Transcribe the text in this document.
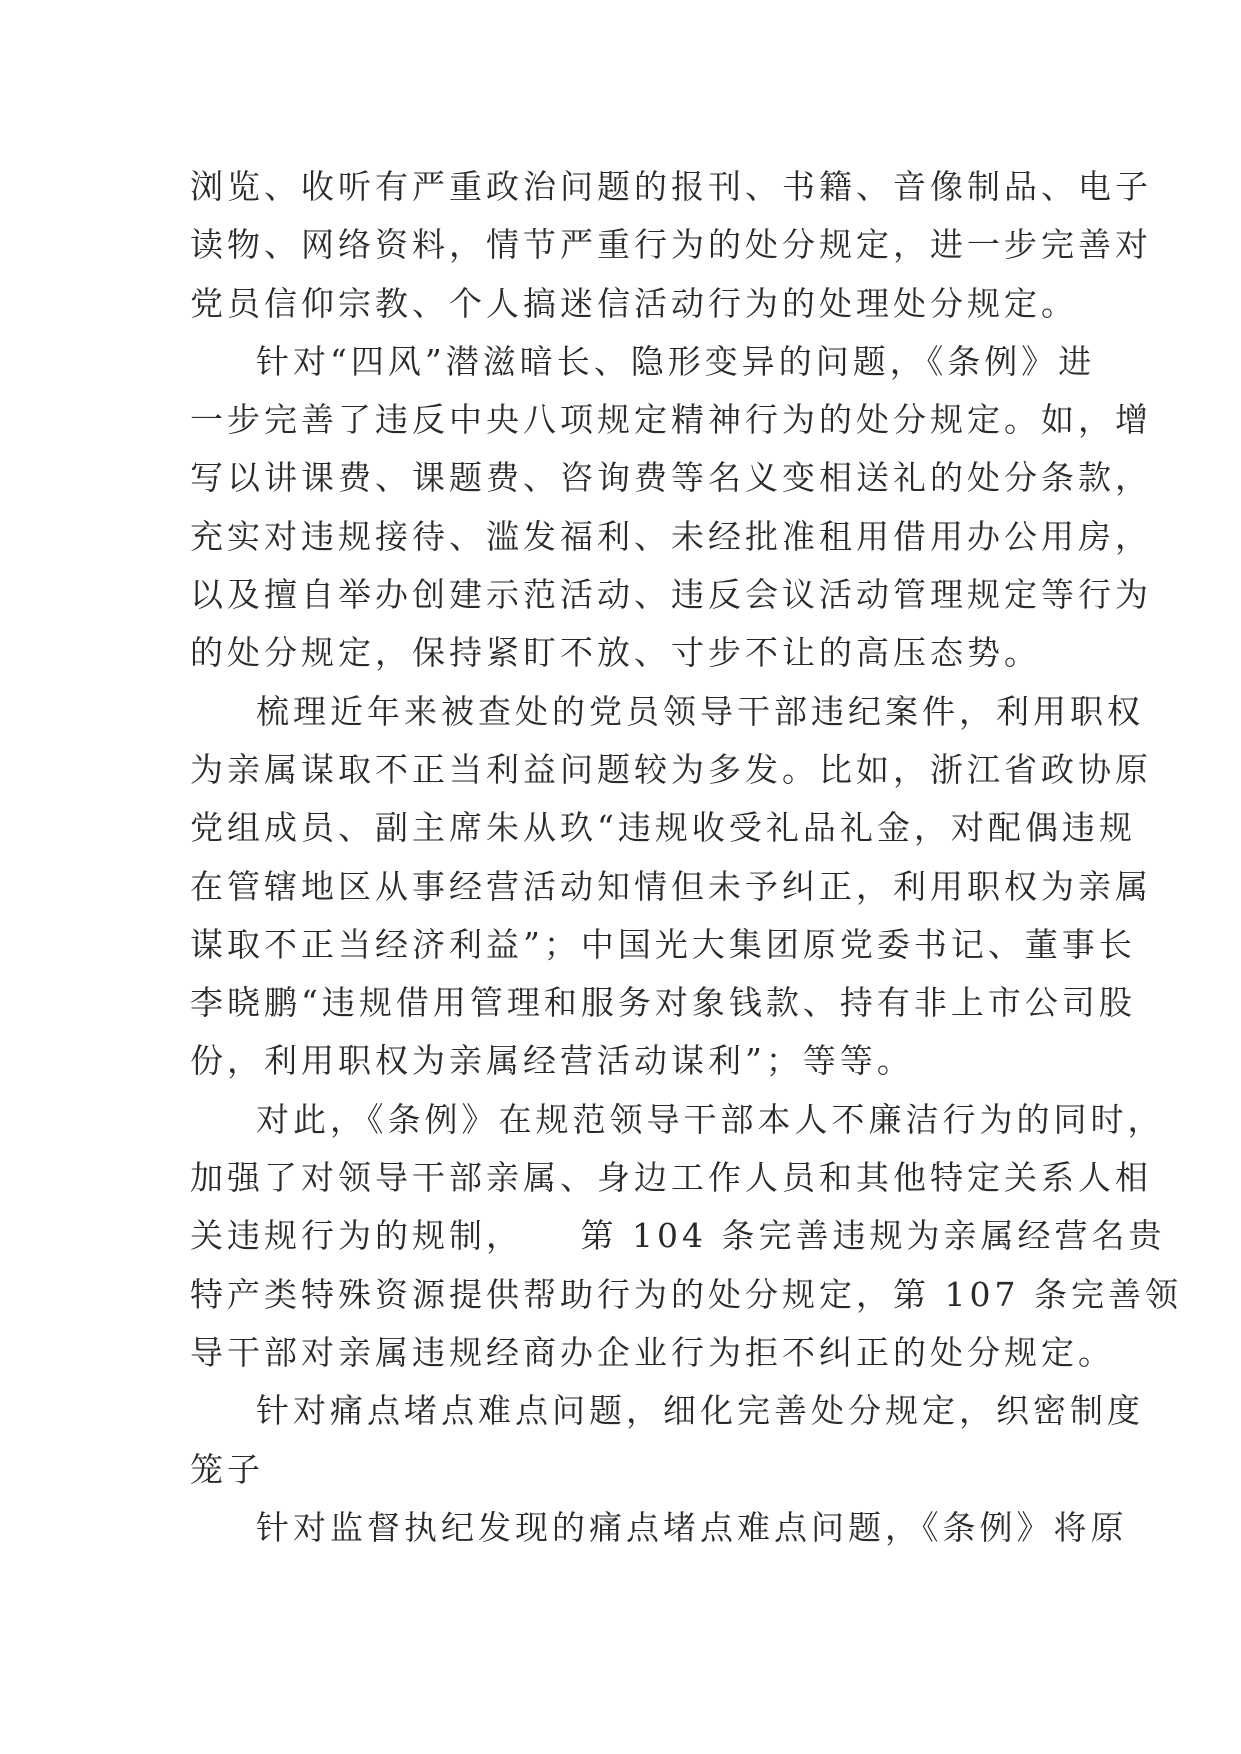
浏览、收听有严重政治问题的报刊、书籍、音像制品、电子
读物、网络资料，情节严重行为的处分规定，进一步完善对
党员信仰宗教、个人搞迷信活动行为的处理处分规定。
针对“四风”潜滋暗长、隐形变异的问题，《条例》进
一步完善了违反中央八项规定精神行为的处分规定。如，增
写以讲课费、课题费、咨询费等名义变相送礼的处分条款，
充实对违规接待、滥发福利、未经批准租用借用办公用房，
以及擅自举办创建示范活动、违反会议活动管理规定等行为
的处分规定，保持紧盯不放、寸步不让的高压态势。
梳理近年来被查处的党员领导干部违纪案件，利用职权
为亲属谋取不正当利益问题较为多发。比如，浙江省政协原
党组成员、副主席朱从玖“违规收受礼品礼金，对配偶违规
在管辖地区从事经营活动知情但未予纠正，利用职权为亲属
谋取不正当经济利益”；中国光大集团原党委书记、董事长
李晓鹏“违规借用管理和服务对象钱款、持有非上市公司股
份，利用职权为亲属经营活动谋利”；等等。
对此，《条例》在规范领导干部本人不廉洁行为的同时，
加强了对领导干部亲属、身边工作人员和其他特定关系人相
关违规行为的规制，　　第 104 条完善违规为亲属经营名贵
特产类特殊资源提供帮助行为的处分规定，第 107 条完善领
导干部对亲属违规经商办企业行为拒不纠正的处分规定。
针对痛点堵点难点问题，细化完善处分规定，织密制度
笼子
针对监督执纪发现的痛点堵点难点问题，《条例》将原
